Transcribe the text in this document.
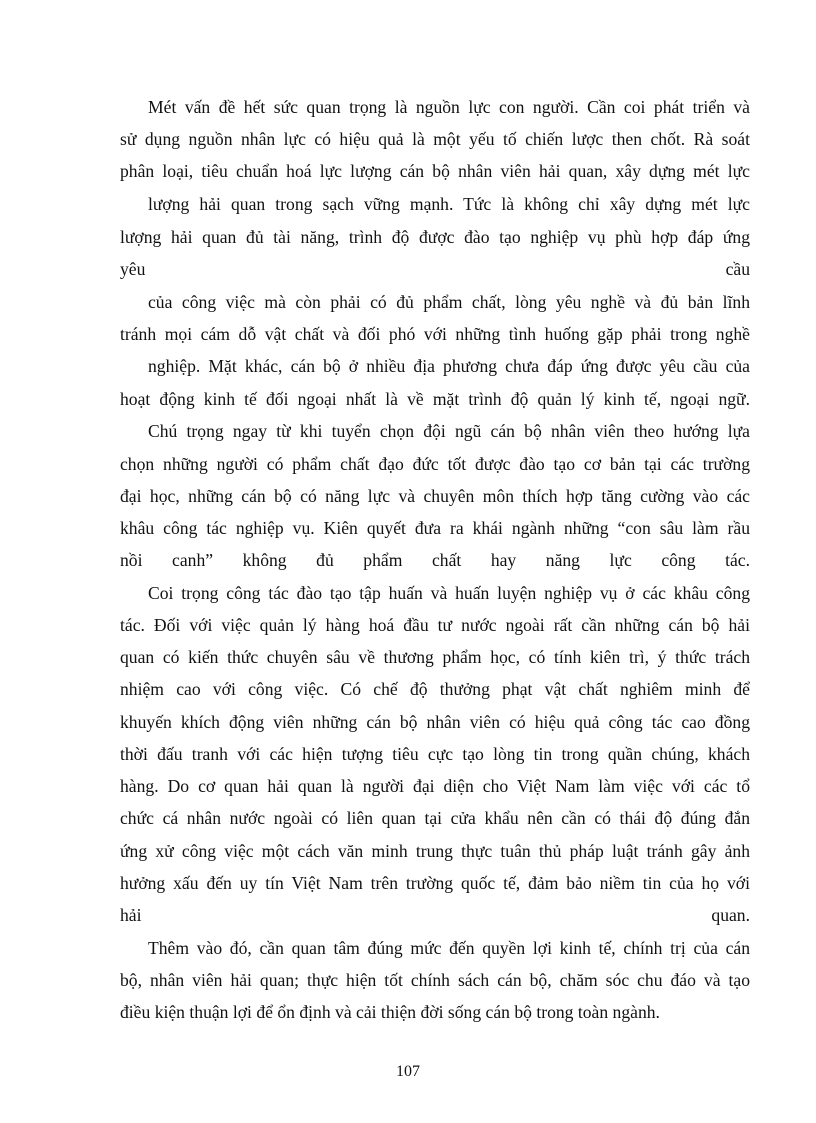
Mét vấn đề hết sức quan trọng là nguồn lực con người. Cần coi phát triển và
sử dụng nguồn nhân lực có hiệu quả là một yếu tố chiến lược then chốt. Rà soát
phân loại, tiêu chuẩn hoá lực lượng cán bộ nhân viên hải quan, xây dựng mét lực
lượng hải quan trong sạch vững mạnh. Tức là không chỉ xây dựng mét lực
lượng hải quan đủ tài năng, trình độ được đào tạo nghiệp vụ phù hợp đáp ứng
yêu cầu
của công việc mà còn phải có đủ phẩm chất, lòng yêu nghề và đủ bản lĩnh
tránh mọi cám dỗ vật chất và đối phó với những tình huống gặp phải trong nghề
nghiệp. Mặt khác, cán bộ ở nhiều địa phương chưa đáp ứng được yêu cầu của
hoạt động kinh tế đối ngoại nhất là về mặt trình độ quản lý kinh tế, ngoại ngữ.
Chú trọng ngay từ khi tuyển chọn đội ngũ cán bộ nhân viên theo hướng lựa
chọn những người có phẩm chất đạo đức tốt được đào tạo cơ bản tại các trường
đại học, những cán bộ có năng lực và chuyên môn thích hợp tăng cường vào các
khâu công tác nghiệp vụ. Kiên quyết đưa ra khái ngành những “con sâu làm rầu
nồi canh” không đủ phẩm chất hay năng lực công tác.
Coi trọng công tác đào tạo tập huấn và huấn luyện nghiệp vụ ở các khâu công
tác. Đối với việc quản lý hàng hoá đầu tư nước ngoài rất cần những cán bộ hải
quan có kiến thức chuyên sâu về thương phẩm học, có tính kiên trì, ý thức trách
nhiệm cao với công việc. Có chế độ thưởng phạt vật chất nghiêm minh để
khuyến khích động viên những cán bộ nhân viên có hiệu quả công tác cao đồng
thời đấu tranh với các hiện tượng tiêu cực tạo lòng tin trong quần chúng, khách
hàng. Do cơ quan hải quan là người đại diện cho Việt Nam làm việc với các tổ
chức cá nhân nước ngoài có liên quan tại cửa khẩu nên cần có thái độ đúng đắn
ứng xử công việc một cách văn minh trung thực tuân thủ pháp luật tránh gây ảnh
hưởng xấu đến uy tín Việt Nam trên trường quốc tế, đảm bảo niềm tin của họ với
hải quan.
Thêm vào đó, cần quan tâm đúng mức đến quyền lợi kinh tế, chính trị của cán
bộ, nhân viên hải quan; thực hiện tốt chính sách cán bộ, chăm sóc chu đáo và tạo
điều kiện thuận lợi để ổn định và cải thiện đời sống cán bộ trong toàn ngành.
107
